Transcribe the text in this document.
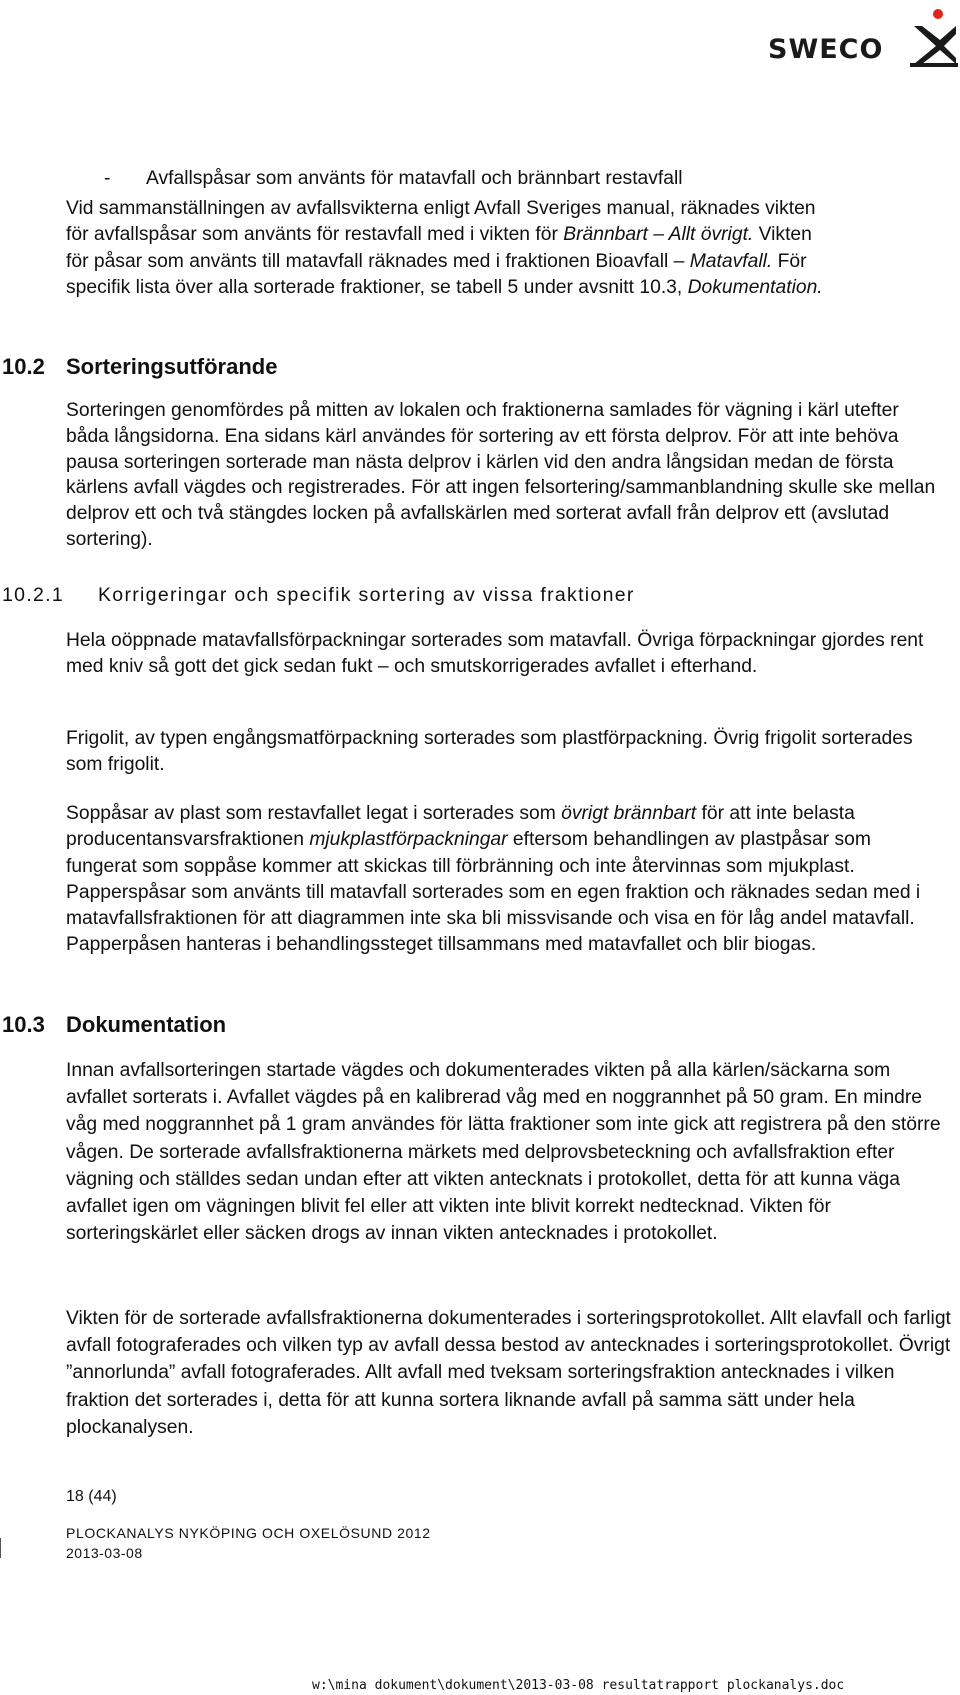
SWECO
- Avfallspåsar som använts för matavfall och brännbart restavfall

Vid sammanställningen av avfallsvikterna enligt Avfall Sveriges manual, räknades vikten

för avfallspåsar som använts för restavfall med i vikten för Brännbart – Allt övrigt. Vikten

för påsar som använts till matavfall räknades med i fraktionen Bioavfall – Matavfall. För

specifik lista över alla sorterade fraktioner, se tabell 5 under avsnitt 10.3, Dokumentation.

10.2 Sorteringsutförande

Sorteringen genomfördes på mitten av lokalen och fraktionerna samlades för vägning i kärl utefter båda långsidorna. Ena sidans kärl användes för sortering av ett första delprov. För att inte behöva pausa sorteringen sorterade man nästa delprov i kärlen vid den andra långsidan medan de första kärlens avfall vägdes och registrerades. För att ingen felsortering/sammanblandning skulle ske mellan delprov ett och två stängdes locken på avfallskärlen med sorterat avfall från delprov ett (avslutad sortering).

10.2.1 Korrigeringar och specifik sortering av vissa fraktioner

Hela oöppnade matavfallsförpackningar sorterades som matavfall. Övriga förpackningar gjordes rent med kniv så gott det gick sedan fukt – och smutskorrigerades avfallet i efterhand.

Frigolit, av typen engångsmatförpackning sorterades som plastförpackning. Övrig frigolit sorterades som frigolit.

Soppåsar av plast som restavfallet legat i sorterades som övrigt brännbart för att inte belasta producentansvarsfraktionen mjukplastförpackningar eftersom behandlingen av plastpåsar som fungerat som soppåse kommer att skickas till förbränning och inte återvinnas som mjukplast. Papperspåsar som använts till matavfall sorterades som en egen fraktion och räknades sedan med i matavfallsfraktionen för att diagrammen inte ska bli missvisande och visa en för låg andel matavfall. Papperpåsen hanteras i behandlingssteget tillsammans med matavfallet och blir biogas.

10.3 Dokumentation

Innan avfallsorteringen startade vägdes och dokumenterades vikten på alla kärlen/säckarna som avfallet sorterats i. Avfallet vägdes på en kalibrerad våg med en noggrannhet på 50 gram. En mindre våg med noggrannhet på 1 gram användes för lätta fraktioner som inte gick att registrera på den större vågen. De sorterade avfallsfraktionerna märkets med delprovsbeteckning och avfallsfraktion efter vägning och ställdes sedan undan efter att vikten antecknats i protokollet, detta för att kunna väga avfallet igen om vägningen blivit fel eller att vikten inte blivit korrekt nedtecknad. Vikten för sorteringskärlet eller säcken drogs av innan vikten antecknades i protokollet.

Vikten för de sorterade avfallsfraktionerna dokumenterades i sorteringsprotokollet. Allt elavfall och farligt avfall fotograferades och vilken typ av avfall dessa bestod av antecknades i sorteringsprotokollet. Övrigt ”annorlunda” avfall fotograferades. Allt avfall med tveksam sorteringsfraktion antecknades i vilken fraktion det sorterades i, detta för att kunna sortera liknande avfall på samma sätt under hela plockanalysen.

18 (44)
PLOCKANALYS NYKÖPING OCH OXELÖSUND 2012
2013-03-08
w:\mina dokument\dokument\2013-03-08 resultatrapport plockanalys.doc
